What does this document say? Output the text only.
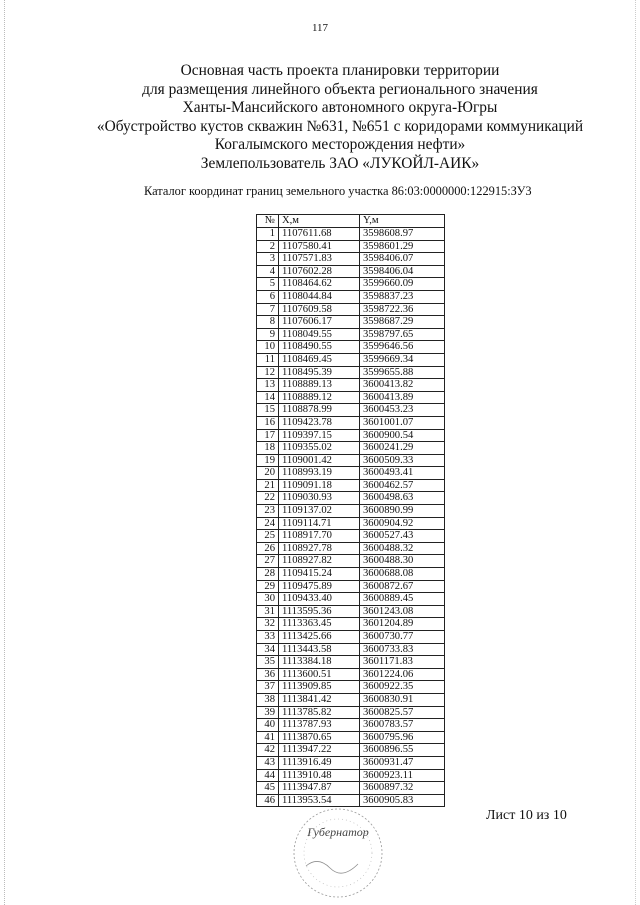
117
Основная часть проекта планировки территории
для размещения линейного объекта регионального значения
Ханты-Мансийского автономного округа-Югры
«Обустройство кустов скважин №631, №651 с коридорами коммуникаций
Когалымского месторождения нефти»
Землепользователь ЗАО «ЛУКОЙЛ-АИК»
Каталог координат границ земельного участка 86:03:0000000:122915:ЗУ3
№	X,м	Y,м
1	1107611.68	3598608.97
2	1107580.41	3598601.29
3	1107571.83	3598406.07
4	1107602.28	3598406.04
5	1108464.62	3599660.09
6	1108044.84	3598837.23
7	1107609.58	3598722.36
8	1107606.17	3598687.29
9	1108049.55	3598797.65
10	1108490.55	3599646.56
11	1108469.45	3599669.34
12	1108495.39	3599655.88
13	1108889.13	3600413.82
14	1108889.12	3600413.89
15	1108878.99	3600453.23
16	1109423.78	3601001.07
17	1109397.15	3600900.54
18	1109355.02	3600241.29
19	1109001.42	3600509.33
20	1108993.19	3600493.41
21	1109091.18	3600462.57
22	1109030.93	3600498.63
23	1109137.02	3600890.99
24	1109114.71	3600904.92
25	1108917.70	3600527.43
26	1108927.78	3600488.32
27	1108927.82	3600488.30
28	1109415.24	3600688.08
29	1109475.89	3600872.67
30	1109433.40	3600889.45
31	1113595.36	3601243.08
32	1113363.45	3601204.89
33	1113425.66	3600730.77
34	1113443.58	3600733.83
35	1113384.18	3601171.83
36	1113600.51	3601224.06
37	1113909.85	3600922.35
38	1113841.42	3600830.91
39	1113785.82	3600825.57
40	1113787.93	3600783.57
41	1113870.65	3600795.96
42	1113947.22	3600896.55
43	1113916.49	3600931.47
44	1113910.48	3600923.11
45	1113947.87	3600897.32
46	1113953.54	3600905.83
Губернатор
Лист 10 из 10
